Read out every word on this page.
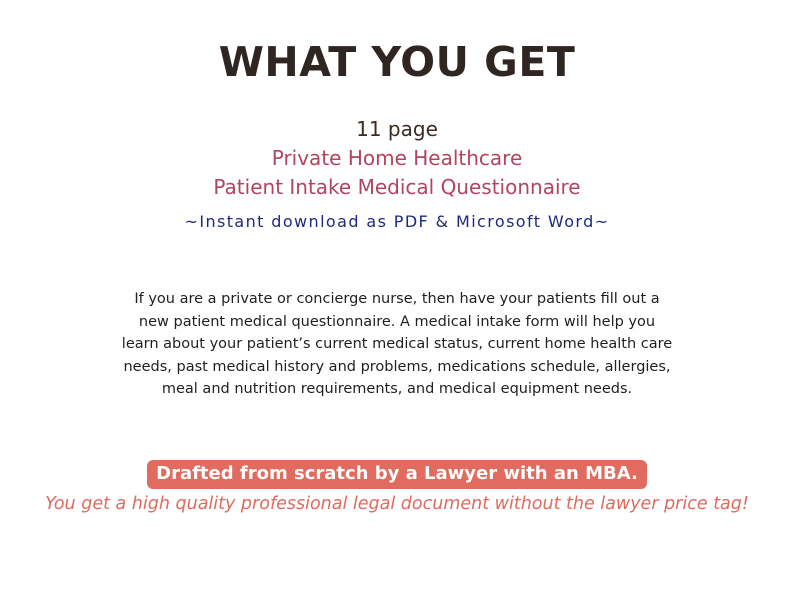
WHAT YOU GET
11 page
Private Home Healthcare
Patient Intake Medical Questionnaire
~Instant download as PDF & Microsoft Word~
If you are a private or concierge nurse, then have your patients fill out a
new patient medical questionnaire. A medical intake form will help you
learn about your patient’s current medical status, current home health care
needs, past medical history and problems, medications schedule, allergies,
meal and nutrition requirements, and medical equipment needs.
Drafted from scratch by a Lawyer with an MBA.
You get a high quality professional legal document without the lawyer price tag!
